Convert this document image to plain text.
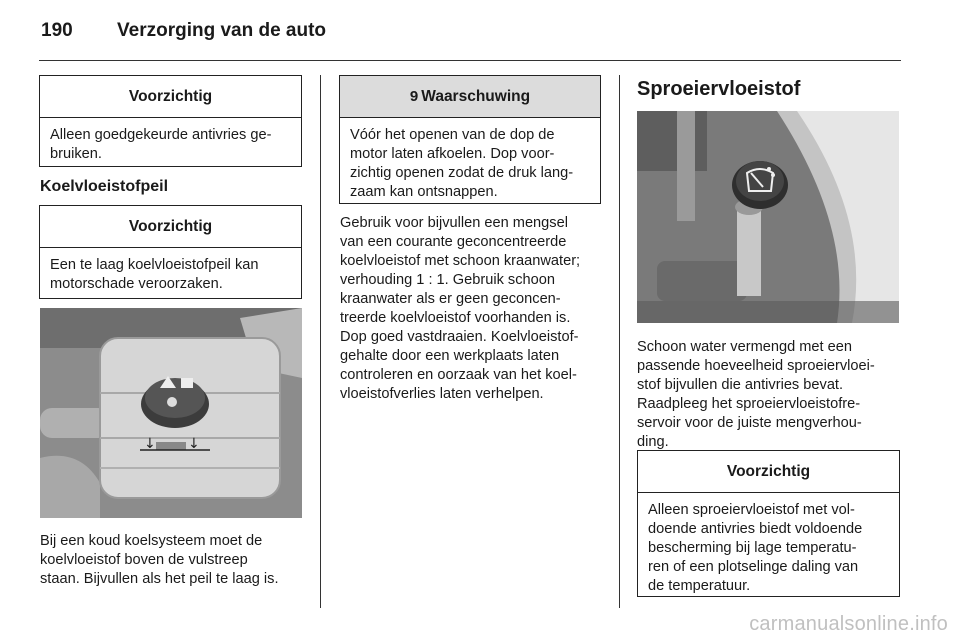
190 Verzorging van de auto
Voorzichtig
Alleen goedgekeurde antivries ge-
bruiken.
Koelvloeistofpeil
Voorzichtig
Een te laag koelvloeistofpeil kan
motorschade veroorzaken.
↓ ↓
Bij een koud koelsysteem moet de
koelvloeistof boven de vulstreep
staan. Bijvullen als het peil te laag is.
9 Waarschuwing
Vóór het openen van de dop de
motor laten afkoelen. Dop voor-
zichtig openen zodat de druk lang-
zaam kan ontsnappen.
Gebruik voor bijvullen een mengsel
van een courante geconcentreerde
koelvloeistof met schoon kraanwater;
verhouding 1 : 1. Gebruik schoon
kraanwater als er geen geconcen-
treerde koelvloeistof voorhanden is.
Dop goed vastdraaien. Koelvloeistof-
gehalte door een werkplaats laten
controleren en oorzaak van het koel-
vloeistofverlies laten verhelpen.
Sproeiervloeistof
Schoon water vermengd met een
passende hoeveelheid sproeiervloei-
stof bijvullen die antivries bevat.
Raadpleeg het sproeiervloeistofre-
servoir voor de juiste mengverhou-
ding.
Voorzichtig
Alleen sproeiervloeistof met vol-
doende antivries biedt voldoende
bescherming bij lage temperatu-
ren of een plotselinge daling van
de temperatuur.
carmanualsonline.info
